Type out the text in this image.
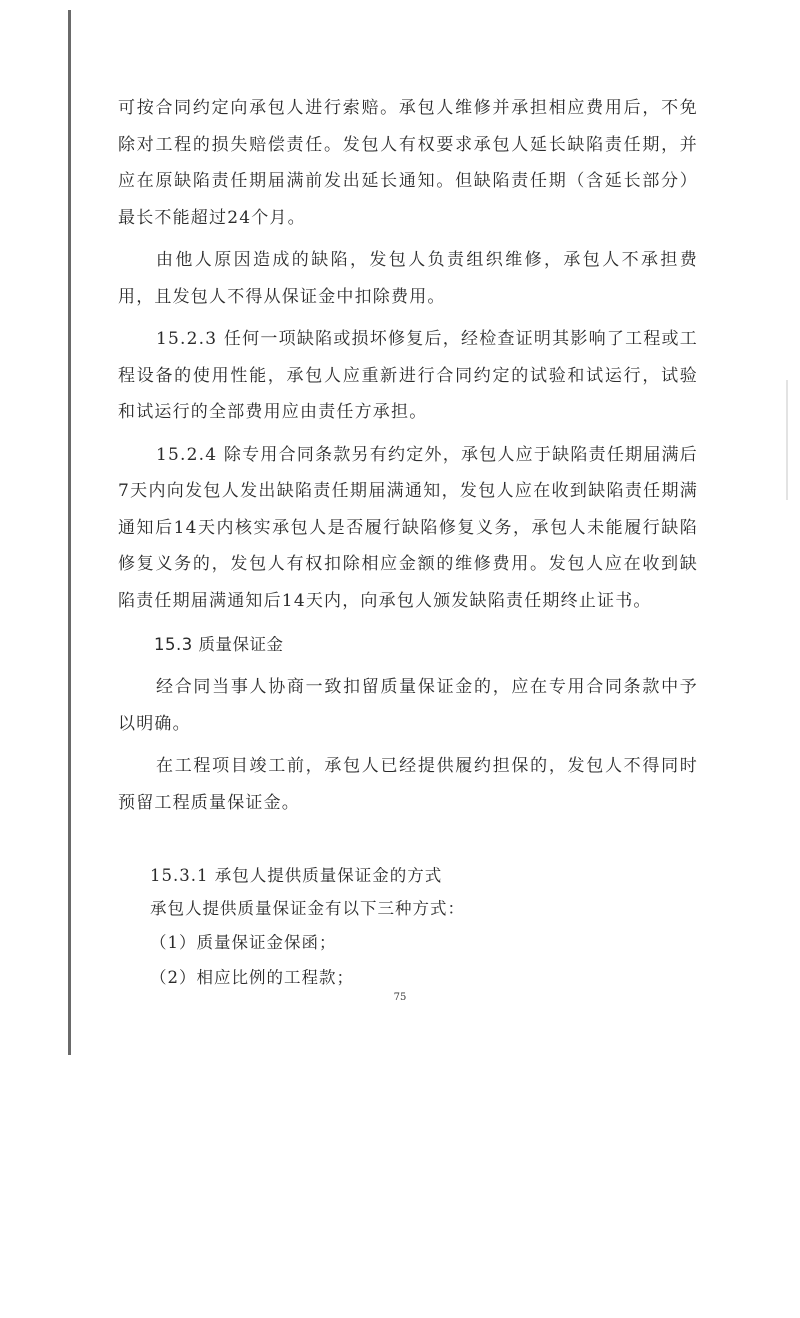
可按合同约定向承包人进行索赔。承包人维修并承担相应费用后，不免除对工程的损失赔偿责任。发包人有权要求承包人延长缺陷责任期，并应在原缺陷责任期届满前发出延长通知。但缺陷责任期（含延长部分）最长不能超过24个月。

由他人原因造成的缺陷，发包人负责组织维修，承包人不承担费用，且发包人不得从保证金中扣除费用。

15.2.3 任何一项缺陷或损坏修复后，经检查证明其影响了工程或工程设备的使用性能，承包人应重新进行合同约定的试验和试运行，试验和试运行的全部费用应由责任方承担。

15.2.4 除专用合同条款另有约定外，承包人应于缺陷责任期届满后7天内向发包人发出缺陷责任期届满通知，发包人应在收到缺陷责任期满通知后14天内核实承包人是否履行缺陷修复义务，承包人未能履行缺陷修复义务的，发包人有权扣除相应金额的维修费用。发包人应在收到缺陷责任期届满通知后14天内，向承包人颁发缺陷责任期终止证书。

15.3 质量保证金

经合同当事人协商一致扣留质量保证金的，应在专用合同条款中予以明确。

在工程项目竣工前，承包人已经提供履约担保的，发包人不得同时预留工程质量保证金。

15.3.1 承包人提供质量保证金的方式

承包人提供质量保证金有以下三种方式：

（1）质量保证金保函；

（2）相应比例的工程款；

75
